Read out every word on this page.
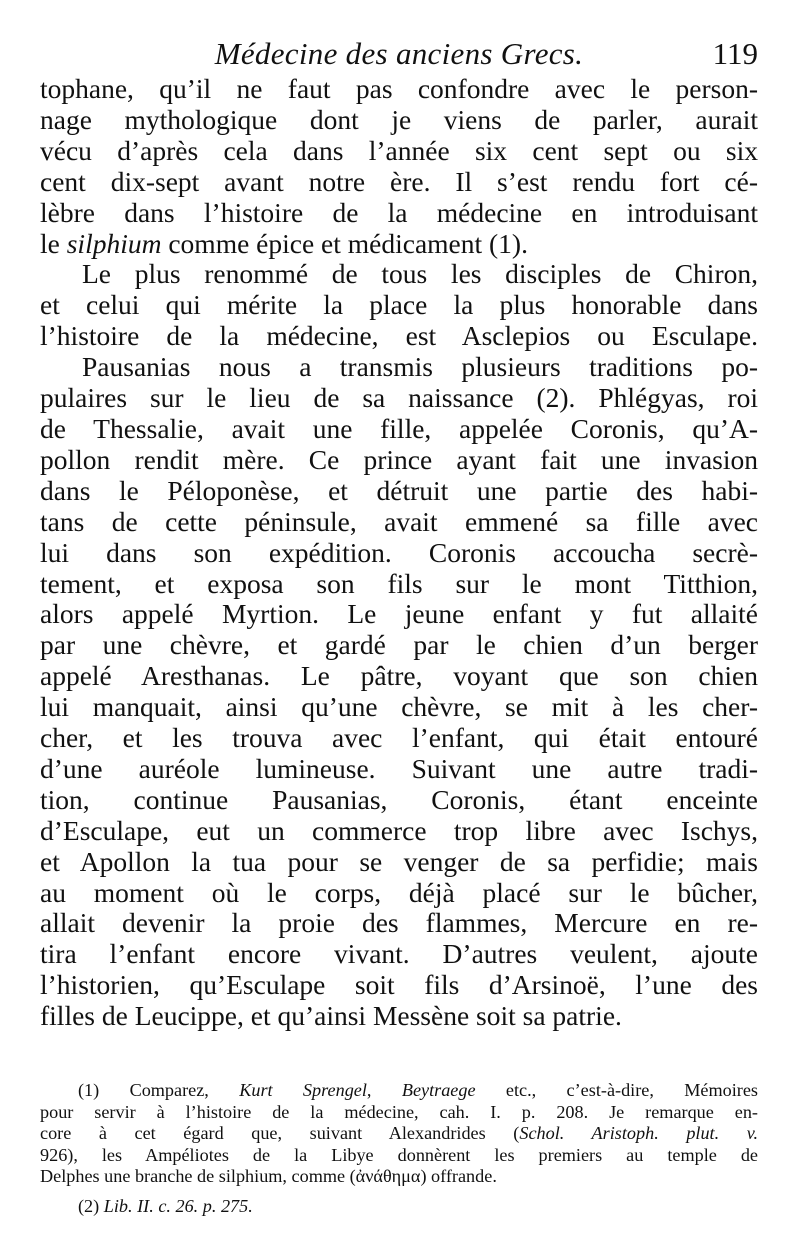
Médecine des anciens Grecs.	119
tophane, qu’il ne faut pas confondre avec le person-
nage mythologique dont je viens de parler, aurait
vécu d’après cela dans l’année six cent sept ou six
cent dix-sept avant notre ère. Il s’est rendu fort cé-
lèbre dans l’histoire de la médecine en introduisant
le silphium comme épice et médicament (1).
Le plus renommé de tous les disciples de Chiron,
et celui qui mérite la place la plus honorable dans
l’histoire de la médecine, est Asclepios ou Esculape.
Pausanias nous a transmis plusieurs traditions po-
pulaires sur le lieu de sa naissance (2). Phlégyas, roi
de Thessalie, avait une fille, appelée Coronis, qu’A-
pollon rendit mère. Ce prince ayant fait une invasion
dans le Péloponèse, et détruit une partie des habi-
tans de cette péninsule, avait emmené sa fille avec
lui dans son expédition. Coronis accoucha secrè-
tement, et exposa son fils sur le mont Titthion,
alors appelé Myrtion. Le jeune enfant y fut allaité
par une chèvre, et gardé par le chien d’un berger
appelé Aresthanas. Le pâtre, voyant que son chien
lui manquait, ainsi qu’une chèvre, se mit à les cher-
cher, et les trouva avec l’enfant, qui était entouré
d’une auréole lumineuse. Suivant une autre tradi-
tion, continue Pausanias, Coronis, étant enceinte
d’Esculape, eut un commerce trop libre avec Ischys,
et Apollon la tua pour se venger de sa perfidie; mais
au moment où le corps, déjà placé sur le bûcher,
allait devenir la proie des flammes, Mercure en re-
tira l’enfant encore vivant. D’autres veulent, ajoute
l’historien, qu’Esculape soit fils d’Arsinoë, l’une des
filles de Leucippe, et qu’ainsi Messène soit sa patrie.
(1) Comparez, Kurt Sprengel, Beytraege etc., c’est-à-dire, Mémoires
pour servir à l’histoire de la médecine, cah. I. p. 208. Je remarque en-
core à cet égard que, suivant Alexandrides (Schol. Aristoph. plut. v.
926), les Ampéliotes de la Libye donnèrent les premiers au temple de
Delphes une branche de silphium, comme (ἀνάθημα) offrande.
(2) Lib. II. c. 26. p. 275.
